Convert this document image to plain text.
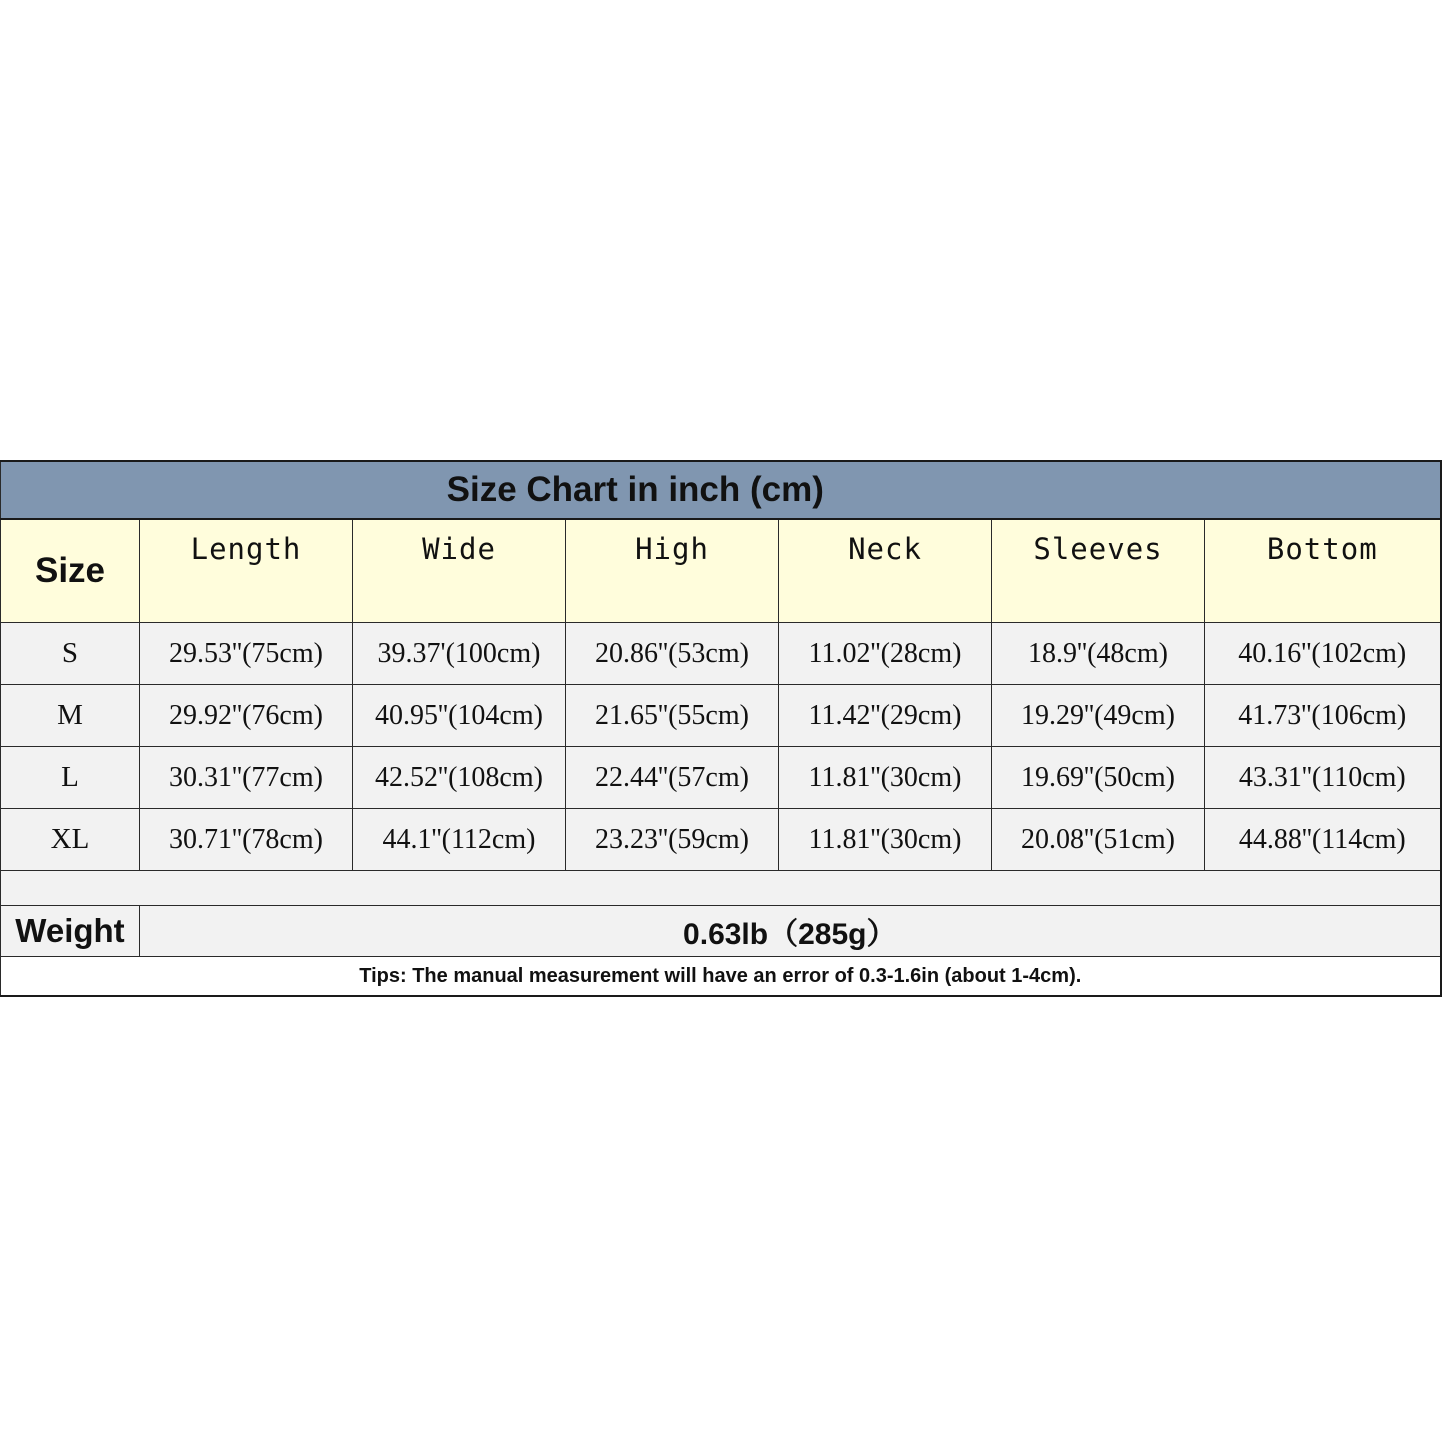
Size Chart in inch (cm)						
Size	Length	Wide	High	Neck	Sleeves	Bottom
S	29.53''(75cm)	39.37'(100cm)	20.86''(53cm)	11.02''(28cm)	18.9''(48cm)	40.16''(102cm)
M	29.92''(76cm)	40.95''(104cm)	21.65''(55cm)	11.42''(29cm)	19.29''(49cm)	41.73''(106cm)
L	30.31''(77cm)	42.52''(108cm)	22.44''(57cm)	11.81''(30cm)	19.69''(50cm)	43.31''(110cm)
XL	30.71''(78cm)	44.1''(112cm)	23.23''(59cm)	11.81''(30cm)	20.08''(51cm)	44.88''(114cm)

Weight	0.63lb（285g）					
Tips: The manual measurement will have an error of 0.3-1.6in (about 1-4cm).						
